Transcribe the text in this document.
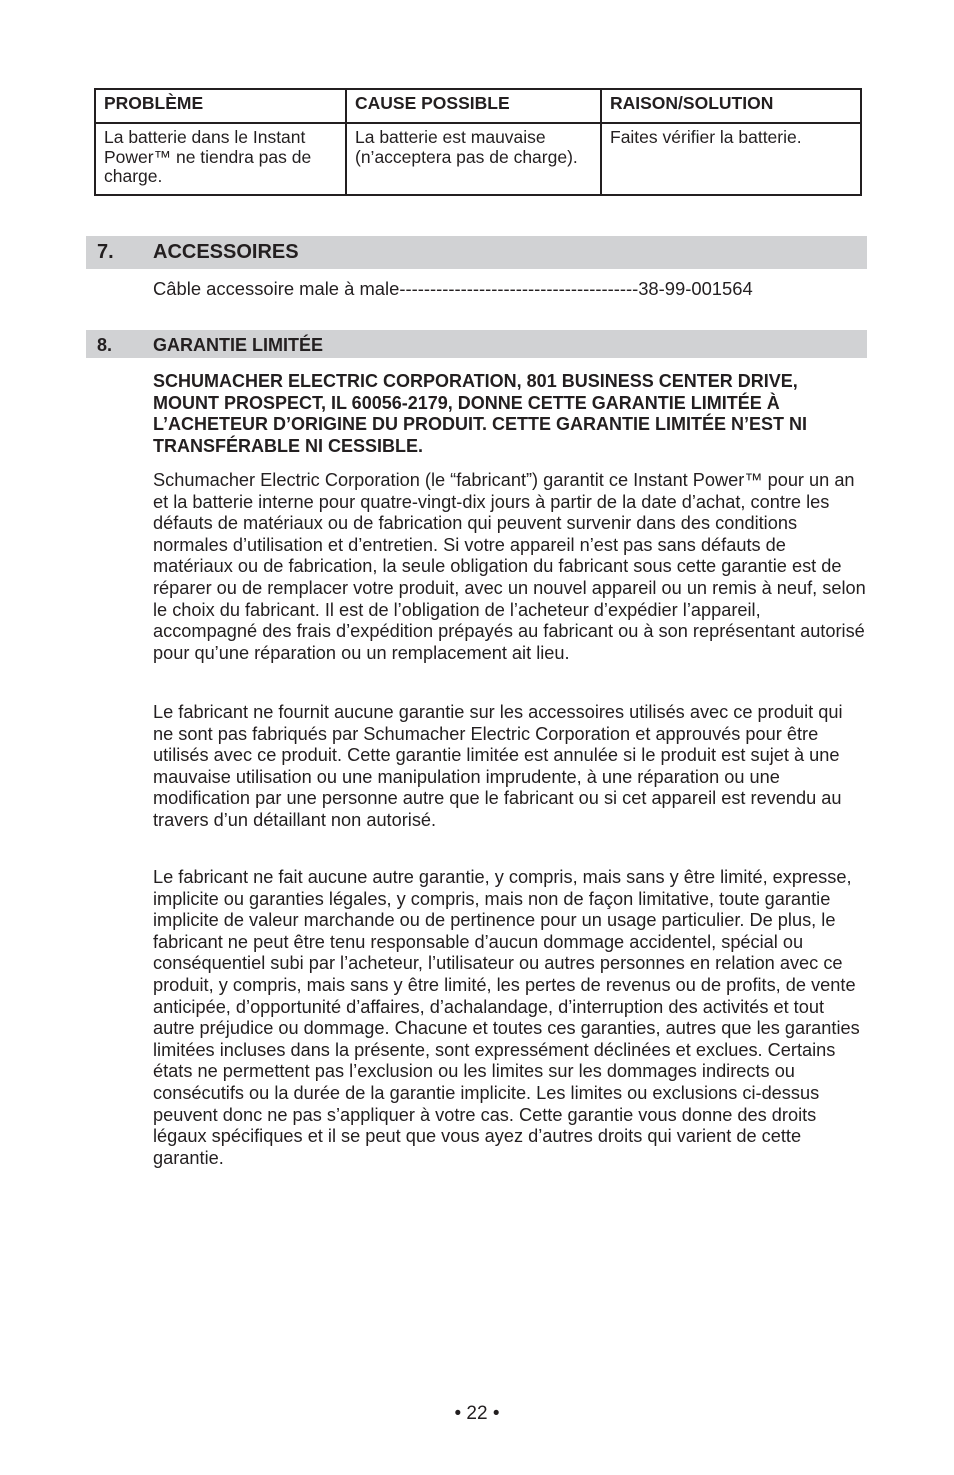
PROBLÈME	CAUSE POSSIBLE	RAISON/SOLUTION
La batterie dans le Instant Power™ ne tiendra pas de charge.	La batterie est mauvaise (n’acceptera pas de charge).	Faites vérifier la batterie.
7. ACCESSOIRES
Câble accessoire male à male---------------------------------------38-99-001564
8. GARANTIE LIMITÉE

SCHUMACHER ELECTRIC CORPORATION, 801 BUSINESS CENTER DRIVE, MOUNT PROSPECT, IL 60056-2179, DONNE CETTE GARANTIE LIMITÉE À L’ACHETEUR D’ORIGINE DU PRODUIT. CETTE GARANTIE LIMITÉE N’EST NI TRANSFÉRABLE NI CESSIBLE.

Schumacher Electric Corporation (le “fabricant”) garantit ce Instant Power™ pour un an et la batterie interne pour quatre-vingt-dix jours à partir de la date d’achat, contre les défauts de matériaux ou de fabrication qui peuvent survenir dans des conditions normales d’utilisation et d’entretien. Si votre appareil n’est pas sans défauts de matériaux ou de fabrication, la seule obligation du fabricant sous cette garantie est de réparer ou de remplacer votre produit, avec un nouvel appareil ou un remis à neuf, selon le choix du fabricant. Il est de l’obligation de l’acheteur d’expédier l’appareil, accompagné des frais d’expédition prépayés au fabricant ou à son représentant autorisé pour qu’une réparation ou un remplacement ait lieu.

Le fabricant ne fournit aucune garantie sur les accessoires utilisés avec ce produit qui ne sont pas fabriqués par Schumacher Electric Corporation et approuvés pour être utilisés avec ce produit. Cette garantie limitée est annulée si le produit est sujet à une mauvaise utilisation ou une manipulation imprudente, à une réparation ou une modification par une personne autre que le fabricant ou si cet appareil est revendu au travers d’un détaillant non autorisé.

Le fabricant ne fait aucune autre garantie, y compris, mais sans y être limité, expresse, implicite ou garanties légales, y compris, mais non de façon limitative, toute garantie implicite de valeur marchande ou de pertinence pour un usage particulier. De plus, le fabricant ne peut être tenu responsable d’aucun dommage accidentel, spécial ou conséquentiel subi par l’acheteur, l’utilisateur ou autres personnes en relation avec ce produit, y compris, mais sans y être limité, les pertes de revenus ou de profits, de vente anticipée, d’opportunité d’affaires, d’achalandage, d’interruption des activités et tout autre préjudice ou dommage. Chacune et toutes ces garanties, autres que les garanties limitées incluses dans la présente, sont expressément déclinées et exclues. Certains états ne permettent pas l’exclusion ou les limites sur les dommages indirects ou consécutifs ou la durée de la garantie implicite. Les limites ou exclusions ci-dessus peuvent donc ne pas s’appliquer à votre cas. Cette garantie vous donne des droits légaux spécifiques et il se peut que vous ayez d’autres droits qui varient de cette garantie.

• 22 •
